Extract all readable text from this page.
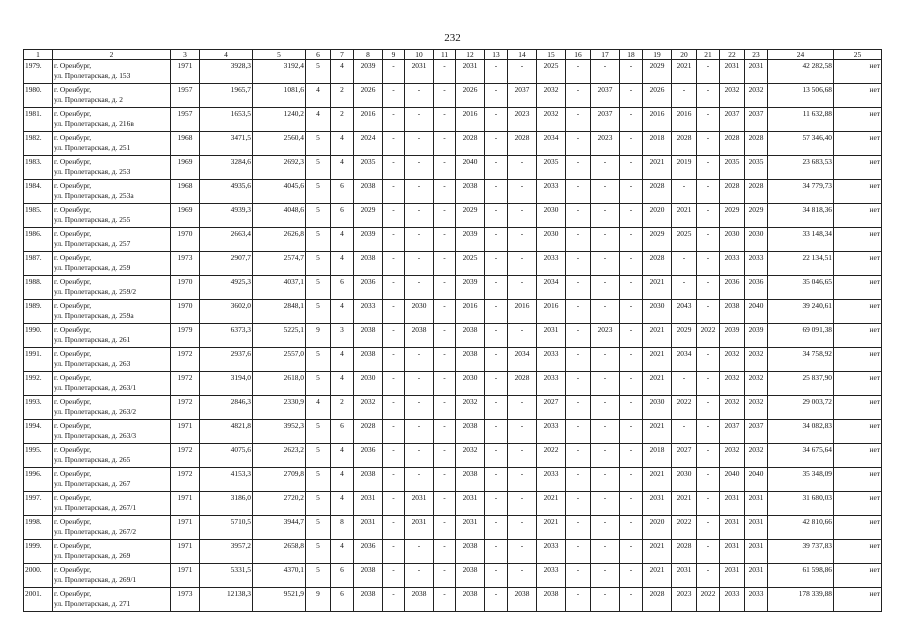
232
1	2	3	4	5	6	7	8	9	10	11	12	13	14	15	16	17	18	19	20	21	22	23	24	25
1979.	г. Оренбург,
ул. Пролетарская, д. 153	1971	3928,3	3192,4	5	4	2039	-	2031	-	2031	-	-	2025	-	-	-	2029	2021	-	2031	2031	42 282,58	нет
1980.	г. Оренбург,
ул. Пролетарская, д. 2	1957	1965,7	1081,6	4	2	2026	-	-	-	2026	-	2037	2032	-	2037	-	2026	-	-	2032	2032	13 506,68	нет
1981.	г. Оренбург,
ул. Пролетарская, д. 216в	1957	1653,5	1240,2	4	2	2016	-	-	-	2016	-	2023	2032	-	2037	-	2016	2016	-	2037	2037	11 632,88	нет
1982.	г. Оренбург,
ул. Пролетарская, д. 251	1968	3471,5	2560,4	5	4	2024	-	-	-	2028	-	2028	2034	-	2023	-	2018	2028	-	2028	2028	57 346,40	нет
1983.	г. Оренбург,
ул. Пролетарская, д. 253	1969	3284,6	2692,3	5	4	2035	-	-	-	2040	-	-	2035	-	-	-	2021	2019	-	2035	2035	23 683,53	нет
1984.	г. Оренбург,
ул. Пролетарская, д. 253а	1968	4935,6	4045,6	5	6	2038	-	-	-	2038	-	-	2033	-	-	-	2028	-	-	2028	2028	34 779,73	нет
1985.	г. Оренбург,
ул. Пролетарская, д. 255	1969	4939,3	4048,6	5	6	2029	-	-	-	2029	-	-	2030	-	-	-	2020	2021	-	2029	2029	34 818,36	нет
1986.	г. Оренбург,
ул. Пролетарская, д. 257	1970	2663,4	2626,8	5	4	2039	-	-	-	2039	-	-	2030	-	-	-	2029	2025	-	2030	2030	33 148,34	нет
1987.	г. Оренбург,
ул. Пролетарская, д. 259	1973	2907,7	2574,7	5	4	2038	-	-	-	2025	-	-	2033	-	-	-	2028	-	-	2033	2033	22 134,51	нет
1988.	г. Оренбург,
ул. Пролетарская, д. 259/2	1970	4925,3	4037,1	5	6	2036	-	-	-	2039	-	-	2034	-	-	-	2021	-	-	2036	2036	35 046,65	нет
1989.	г. Оренбург,
ул. Пролетарская, д. 259а	1970	3602,0	2848,1	5	4	2033	-	2030	-	2016	-	2016	2016	-	-	-	2030	2043	-	2038	2040	39 240,61	нет
1990.	г. Оренбург,
ул. Пролетарская, д. 261	1979	6373,3	5225,1	9	3	2038	-	2038	-	2038	-	-	2031	-	2023	-	2021	2029	2022	2039	2039	69 091,38	нет
1991.	г. Оренбург,
ул. Пролетарская, д. 263	1972	2937,6	2557,0	5	4	2038	-	-	-	2038	-	2034	2033	-	-	-	2021	2034	-	2032	2032	34 758,92	нет
1992.	г. Оренбург,
ул. Пролетарская, д. 263/1	1972	3194,0	2618,0	5	4	2030	-	-	-	2030	-	2028	2033	-	-	-	2021	-	-	2032	2032	25 837,90	нет
1993.	г. Оренбург,
ул. Пролетарская, д. 263/2	1972	2846,3	2330,9	4	2	2032	-	-	-	2032	-	-	2027	-	-	-	2030	2022	-	2032	2032	29 003,72	нет
1994.	г. Оренбург,
ул. Пролетарская, д. 263/3	1971	4821,8	3952,3	5	6	2028	-	-	-	2038	-	-	2033	-	-	-	2021	-	-	2037	2037	34 082,83	нет
1995.	г. Оренбург,
ул. Пролетарская, д. 265	1972	4075,6	2623,2	5	4	2036	-	-	-	2032	-	-	2022	-	-	-	2018	2027	-	2032	2032	34 675,64	нет
1996.	г. Оренбург,
ул. Пролетарская, д. 267	1972	4153,3	2709,8	5	4	2038	-	-	-	2038	-	-	2033	-	-	-	2021	2030	-	2040	2040	35 348,09	нет
1997.	г. Оренбург,
ул. Пролетарская, д. 267/1	1971	3186,0	2720,2	5	4	2031	-	2031	-	2031	-	-	2021	-	-	-	2031	2021	-	2031	2031	31 680,03	нет
1998.	г. Оренбург,
ул. Пролетарская, д. 267/2	1971	5710,5	3944,7	5	8	2031	-	2031	-	2031	-	-	2021	-	-	-	2020	2022	-	2031	2031	42 810,66	нет
1999.	г. Оренбург,
ул. Пролетарская, д. 269	1971	3957,2	2658,8	5	4	2036	-	-	-	2038	-	-	2033	-	-	-	2021	2028	-	2031	2031	39 737,83	нет
2000.	г. Оренбург,
ул. Пролетарская, д. 269/1	1971	5331,5	4370,1	5	6	2038	-	-	-	2038	-	-	2033	-	-	-	2021	2031	-	2031	2031	61 598,86	нет
2001.	г. Оренбург,
ул. Пролетарская, д. 271	1973	12138,3	9521,9	9	6	2038	-	2038	-	2038	-	2038	2038	-	-	-	2028	2023	2022	2033	2033	178 339,88	нет
